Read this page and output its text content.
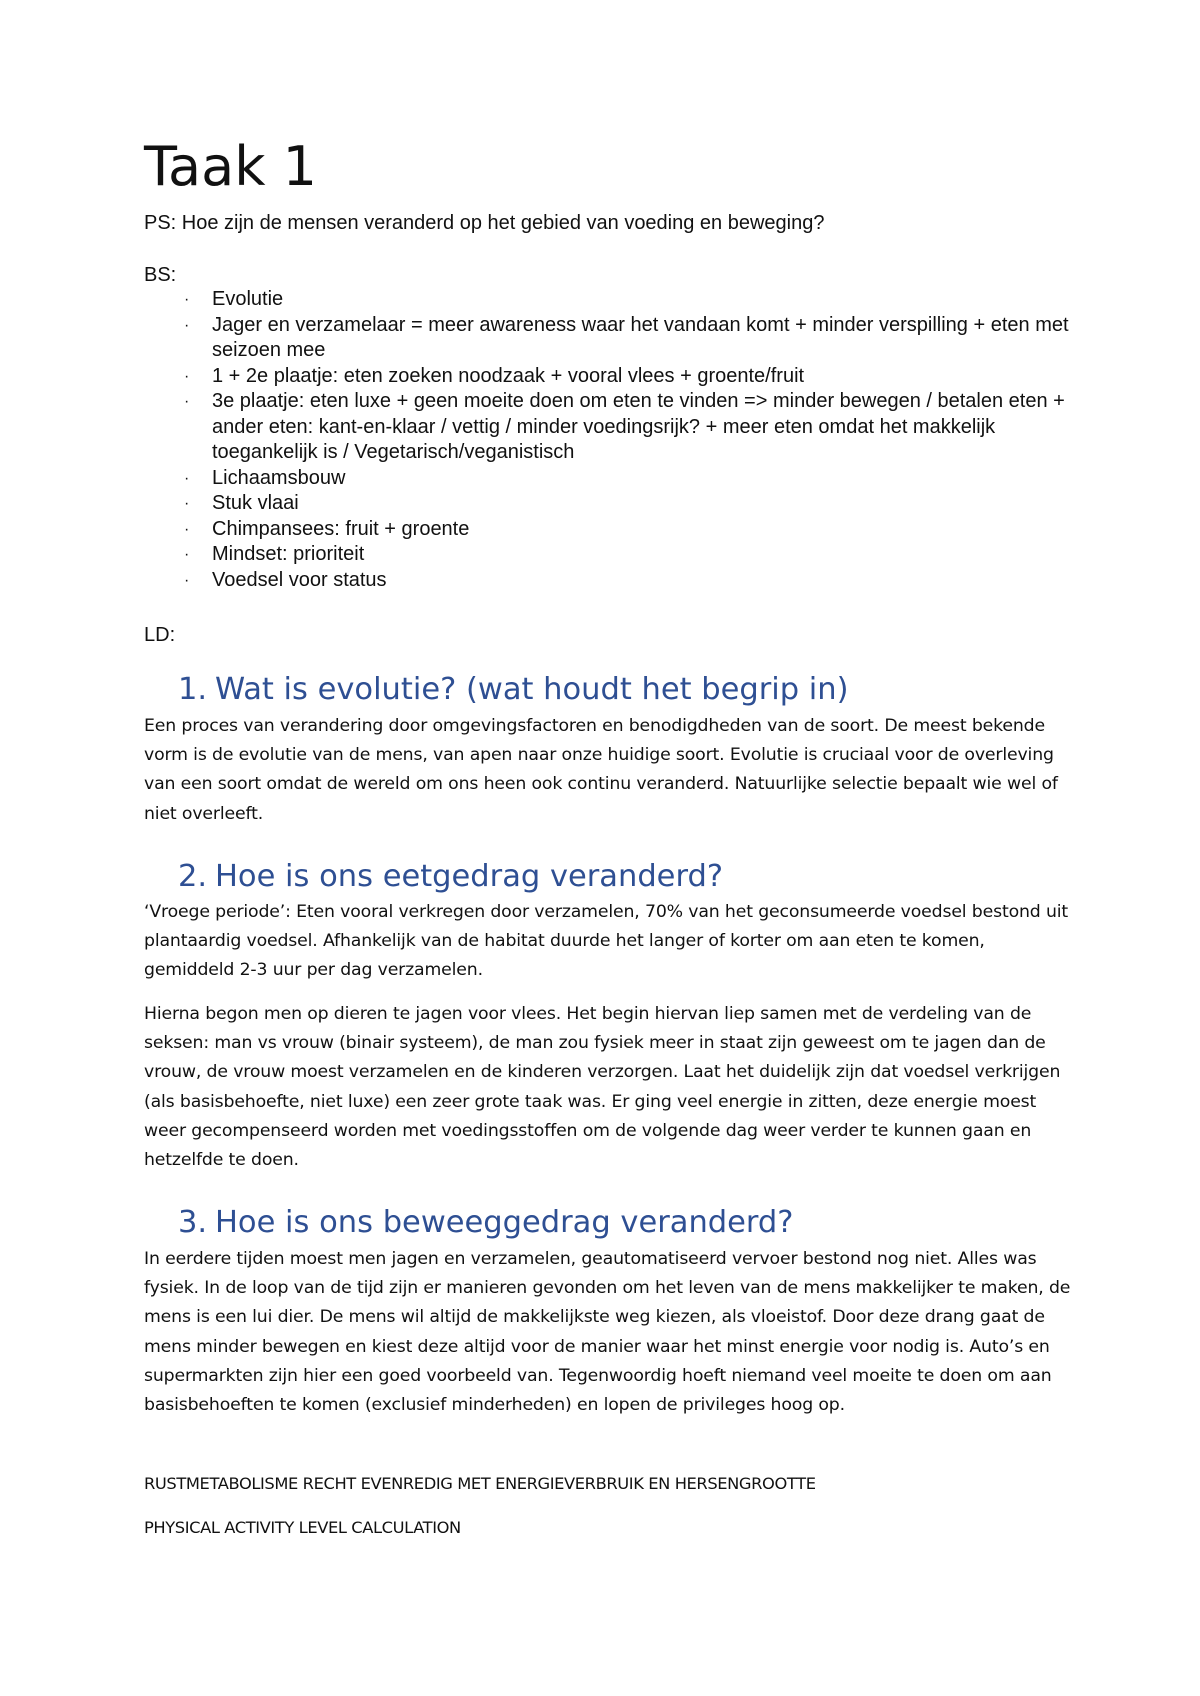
Taak 1
PS: Hoe zijn de mensen veranderd op het gebied van voeding en beweging?
BS:
· Evolutie
· Jager en verzamelaar = meer awareness waar het vandaan komt + minder verspilling + eten met seizoen mee
· 1 + 2e plaatje: eten zoeken noodzaak + vooral vlees + groente/fruit
· 3e plaatje: eten luxe + geen moeite doen om eten te vinden => minder bewegen / betalen eten + ander eten: kant-en-klaar / vettig / minder voedingsrijk? + meer eten omdat het makkelijk toegankelijk is / Vegetarisch/veganistisch
· Lichaamsbouw
· Stuk vlaai
· Chimpansees: fruit + groente
· Mindset: prioriteit
· Voedsel voor status
LD:
1. Wat is evolutie? (wat houdt het begrip in)

Een proces van verandering door omgevingsfactoren en benodigdheden van de soort. De meest bekende vorm is de evolutie van de mens, van apen naar onze huidige soort. Evolutie is cruciaal voor de overleving van een soort omdat de wereld om ons heen ook continu veranderd. Natuurlijke selectie bepaalt wie wel of niet overleeft.

2. Hoe is ons eetgedrag veranderd?

‘Vroege periode’: Eten vooral verkregen door verzamelen, 70% van het geconsumeerde voedsel bestond uit plantaardig voedsel. Afhankelijk van de habitat duurde het langer of korter om aan eten te komen, gemiddeld 2-3 uur per dag verzamelen.

Hierna begon men op dieren te jagen voor vlees. Het begin hiervan liep samen met de verdeling van de seksen: man vs vrouw (binair systeem), de man zou fysiek meer in staat zijn geweest om te jagen dan de vrouw, de vrouw moest verzamelen en de kinderen verzorgen. Laat het duidelijk zijn dat voedsel verkrijgen (als basisbehoefte, niet luxe) een zeer grote taak was. Er ging veel energie in zitten, deze energie moest weer gecompenseerd worden met voedingsstoffen om de volgende dag weer verder te kunnen gaan en hetzelfde te doen.

3. Hoe is ons beweeggedrag veranderd?

In eerdere tijden moest men jagen en verzamelen, geautomatiseerd vervoer bestond nog niet. Alles was fysiek. In de loop van de tijd zijn er manieren gevonden om het leven van de mens makkelijker te maken, de mens is een lui dier. De mens wil altijd de makkelijkste weg kiezen, als vloeistof. Door deze drang gaat de mens minder bewegen en kiest deze altijd voor de manier waar het minst energie voor nodig is. Auto’s en supermarkten zijn hier een goed voorbeeld van. Tegenwoordig hoeft niemand veel moeite te doen om aan basisbehoeften te komen (exclusief minderheden) en lopen de privileges hoog op.

RUSTMETABOLISME RECHT EVENREDIG MET ENERGIEVERBRUIK EN HERSENGROOTTE

PHYSICAL ACTIVITY LEVEL CALCULATION
